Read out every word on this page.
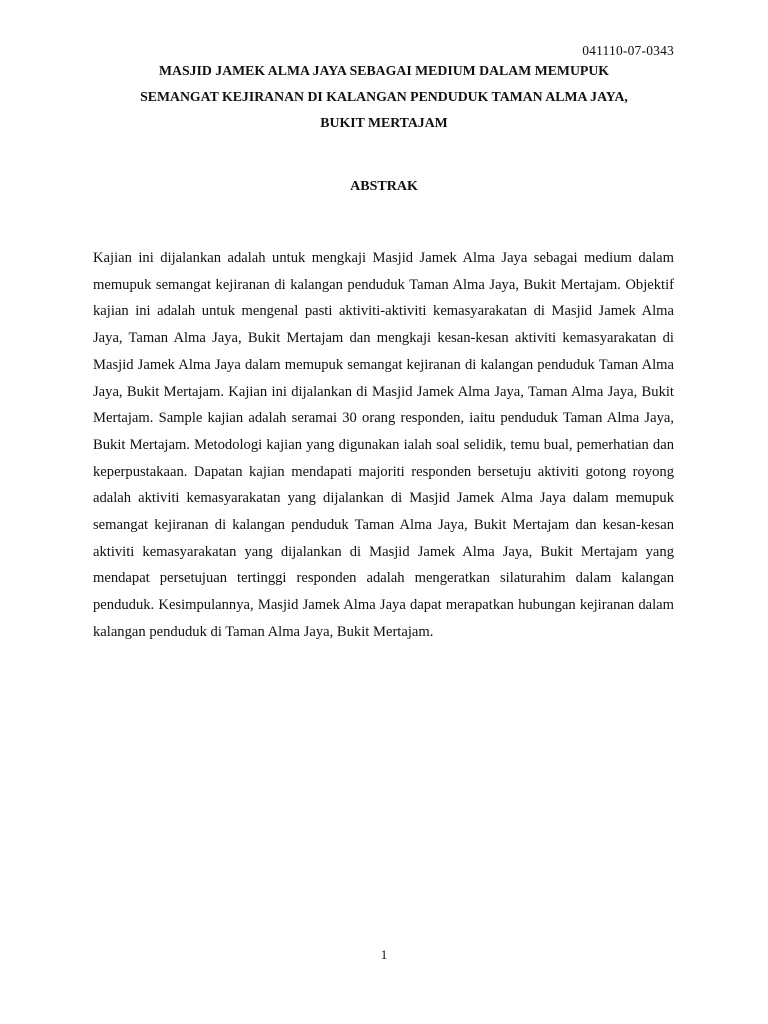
041110-07-0343
MASJID JAMEK ALMA JAYA SEBAGAI MEDIUM DALAM MEMUPUK
SEMANGAT KEJIRANAN DI KALANGAN PENDUDUK TAMAN ALMA JAYA,
BUKIT MERTAJAM
ABSTRAK

Kajian ini dijalankan adalah untuk mengkaji Masjid Jamek Alma Jaya sebagai medium dalam memupuk semangat kejiranan di kalangan penduduk Taman Alma Jaya, Bukit Mertajam. Objektif kajian ini adalah untuk mengenal pasti aktiviti-aktiviti kemasyarakatan di Masjid Jamek Alma Jaya, Taman Alma Jaya, Bukit Mertajam dan mengkaji kesan-kesan aktiviti kemasyarakatan di Masjid Jamek Alma Jaya dalam memupuk semangat kejiranan di kalangan penduduk Taman Alma Jaya, Bukit Mertajam. Kajian ini dijalankan di Masjid Jamek Alma Jaya, Taman Alma Jaya, Bukit Mertajam. Sample kajian adalah seramai 30 orang responden, iaitu penduduk Taman Alma Jaya, Bukit Mertajam. Metodologi kajian yang digunakan ialah soal selidik, temu bual, pemerhatian dan keperpustakaan. Dapatan kajian mendapati majoriti responden bersetuju aktiviti gotong royong adalah aktiviti kemasyarakatan yang dijalankan di Masjid Jamek Alma Jaya dalam memupuk semangat kejiranan di kalangan penduduk Taman Alma Jaya, Bukit Mertajam dan kesan-kesan aktiviti kemasyarakatan yang dijalankan di Masjid Jamek Alma Jaya, Bukit Mertajam yang mendapat persetujuan tertinggi responden adalah mengeratkan silaturahim dalam kalangan penduduk. Kesimpulannya, Masjid Jamek Alma Jaya dapat merapatkan hubungan kejiranan dalam kalangan penduduk di Taman Alma Jaya, Bukit Mertajam.

1
